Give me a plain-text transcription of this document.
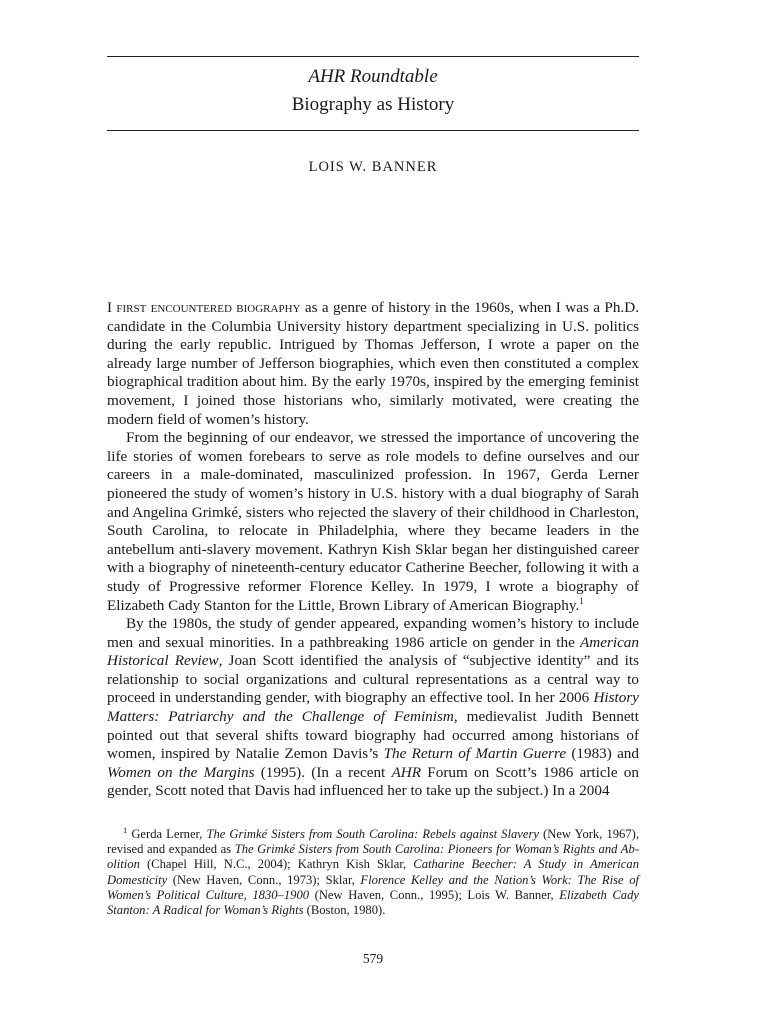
AHR Roundtable
Biography as History
LOIS W. BANNER

I first encountered biography as a genre of history in the 1960s, when I was a Ph.D. candidate in the Columbia University history department specializing in U.S. politics during the early republic. Intrigued by Thomas Jefferson, I wrote a paper on the already large number of Jefferson biographies, which even then constituted a complex biographical tradition about him. By the early 1970s, inspired by the emerging feminist movement, I joined those historians who, similarly motivated, were creating the modern field of women’s history.

From the beginning of our endeavor, we stressed the importance of uncovering the life stories of women forebears to serve as role models to define ourselves and our careers in a male-dominated, masculinized profession. In 1967, Gerda Lerner pioneered the study of women’s history in U.S. history with a dual biography of Sarah and Angelina Grimké, sisters who rejected the slavery of their childhood in Charleston, South Carolina, to relocate in Philadelphia, where they became leaders in the antebellum anti-slavery movement. Kathryn Kish Sklar began her distinguished career with a biography of nineteenth-century educator Catherine Beecher, following it with a study of Progressive reformer Florence Kelley. In 1979, I wrote a biography of Elizabeth Cady Stanton for the Little, Brown Library of American Biography.$^1$

By the 1980s, the study of gender appeared, expanding women’s history to include men and sexual minorities. In a pathbreaking 1986 article on gender in the American Historical Review, Joan Scott identified the analysis of “subjective identity” and its relationship to social organizations and cultural representations as a central way to proceed in understanding gender, with biography an effective tool. In her 2006 History Matters: Patriarchy and the Challenge of Feminism, medievalist Judith Bennett pointed out that several shifts toward biography had occurred among historians of women, inspired by Natalie Zemon Davis’s The Return of Martin Guerre (1983) and Women on the Margins (1995). (In a recent AHR Forum on Scott’s 1986 article on gender, Scott noted that Davis had influenced her to take up the subject.) In a 2004

$^1$ Gerda Lerner, The Grimké Sisters from South Carolina: Rebels against Slavery (New York, 1967), revised and expanded as The Grimké Sisters from South Carolina: Pioneers for Woman’s Rights and Abolition (Chapel Hill, N.C., 2004); Kathryn Kish Sklar, Catharine Beecher: A Study in American Domesticity (New Haven, Conn., 1973); Sklar, Florence Kelley and the Nation’s Work: The Rise of Women’s Political Culture, 1830–1900 (New Haven, Conn., 1995); Lois W. Banner, Elizabeth Cady Stanton: A Radical for Woman’s Rights (Boston, 1980).

579
